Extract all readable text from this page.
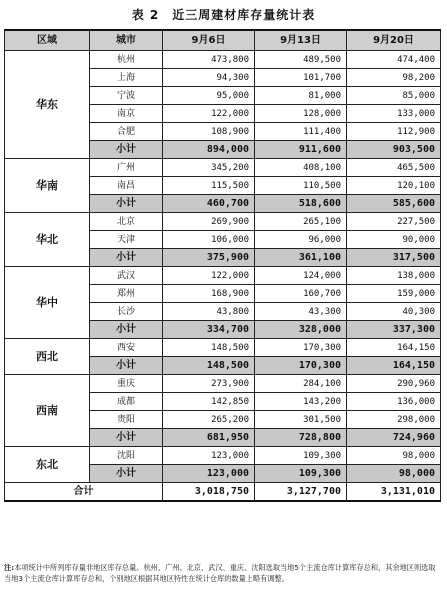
表 2　近三周建材库存量统计表
区域	城市	9月6日	9月13日	9月20日
华东	杭州	473,800	489,500	474,400
	上海	94,300	101,700	98,200
	宁波	95,000	81,000	85,000
	南京	122,000	128,000	133,000
	合肥	108,900	111,400	112,900
	小计	894,000	911,600	903,500
华南	广州	345,200	408,100	465,500
	南昌	115,500	110,500	120,100
	小计	460,700	518,600	585,600
华北	北京	269,900	265,100	227,500
	天津	106,000	96,000	90,000
	小计	375,900	361,100	317,500
华中	武汉	122,000	124,000	138,000
	郑州	168,900	160,700	159,000
	长沙	43,800	43,300	40,300
	小计	334,700	328,000	337,300
西北	西安	148,500	170,300	164,150
	小计	148,500	170,300	164,150
西南	重庆	273,900	284,100	290,960
	成都	142,850	143,200	136,000
	贵阳	265,200	301,500	298,000
	小计	681,950	728,800	724,960
东北	沈阳	123,000	109,300	98,000
	小计	123,000	109,300	98,000
合计		3,018,750	3,127,700	3,131,010
注:本项统计中所列库存量非地区库存总量。杭州、广州、北京、武汉、重庆、沈阳选取当地5个主流仓库计算库存总和，其余地区则选取当地3个主流仓库计算库存总和，个别地区根据其地区特性在统计仓库的数量上略有调整。
